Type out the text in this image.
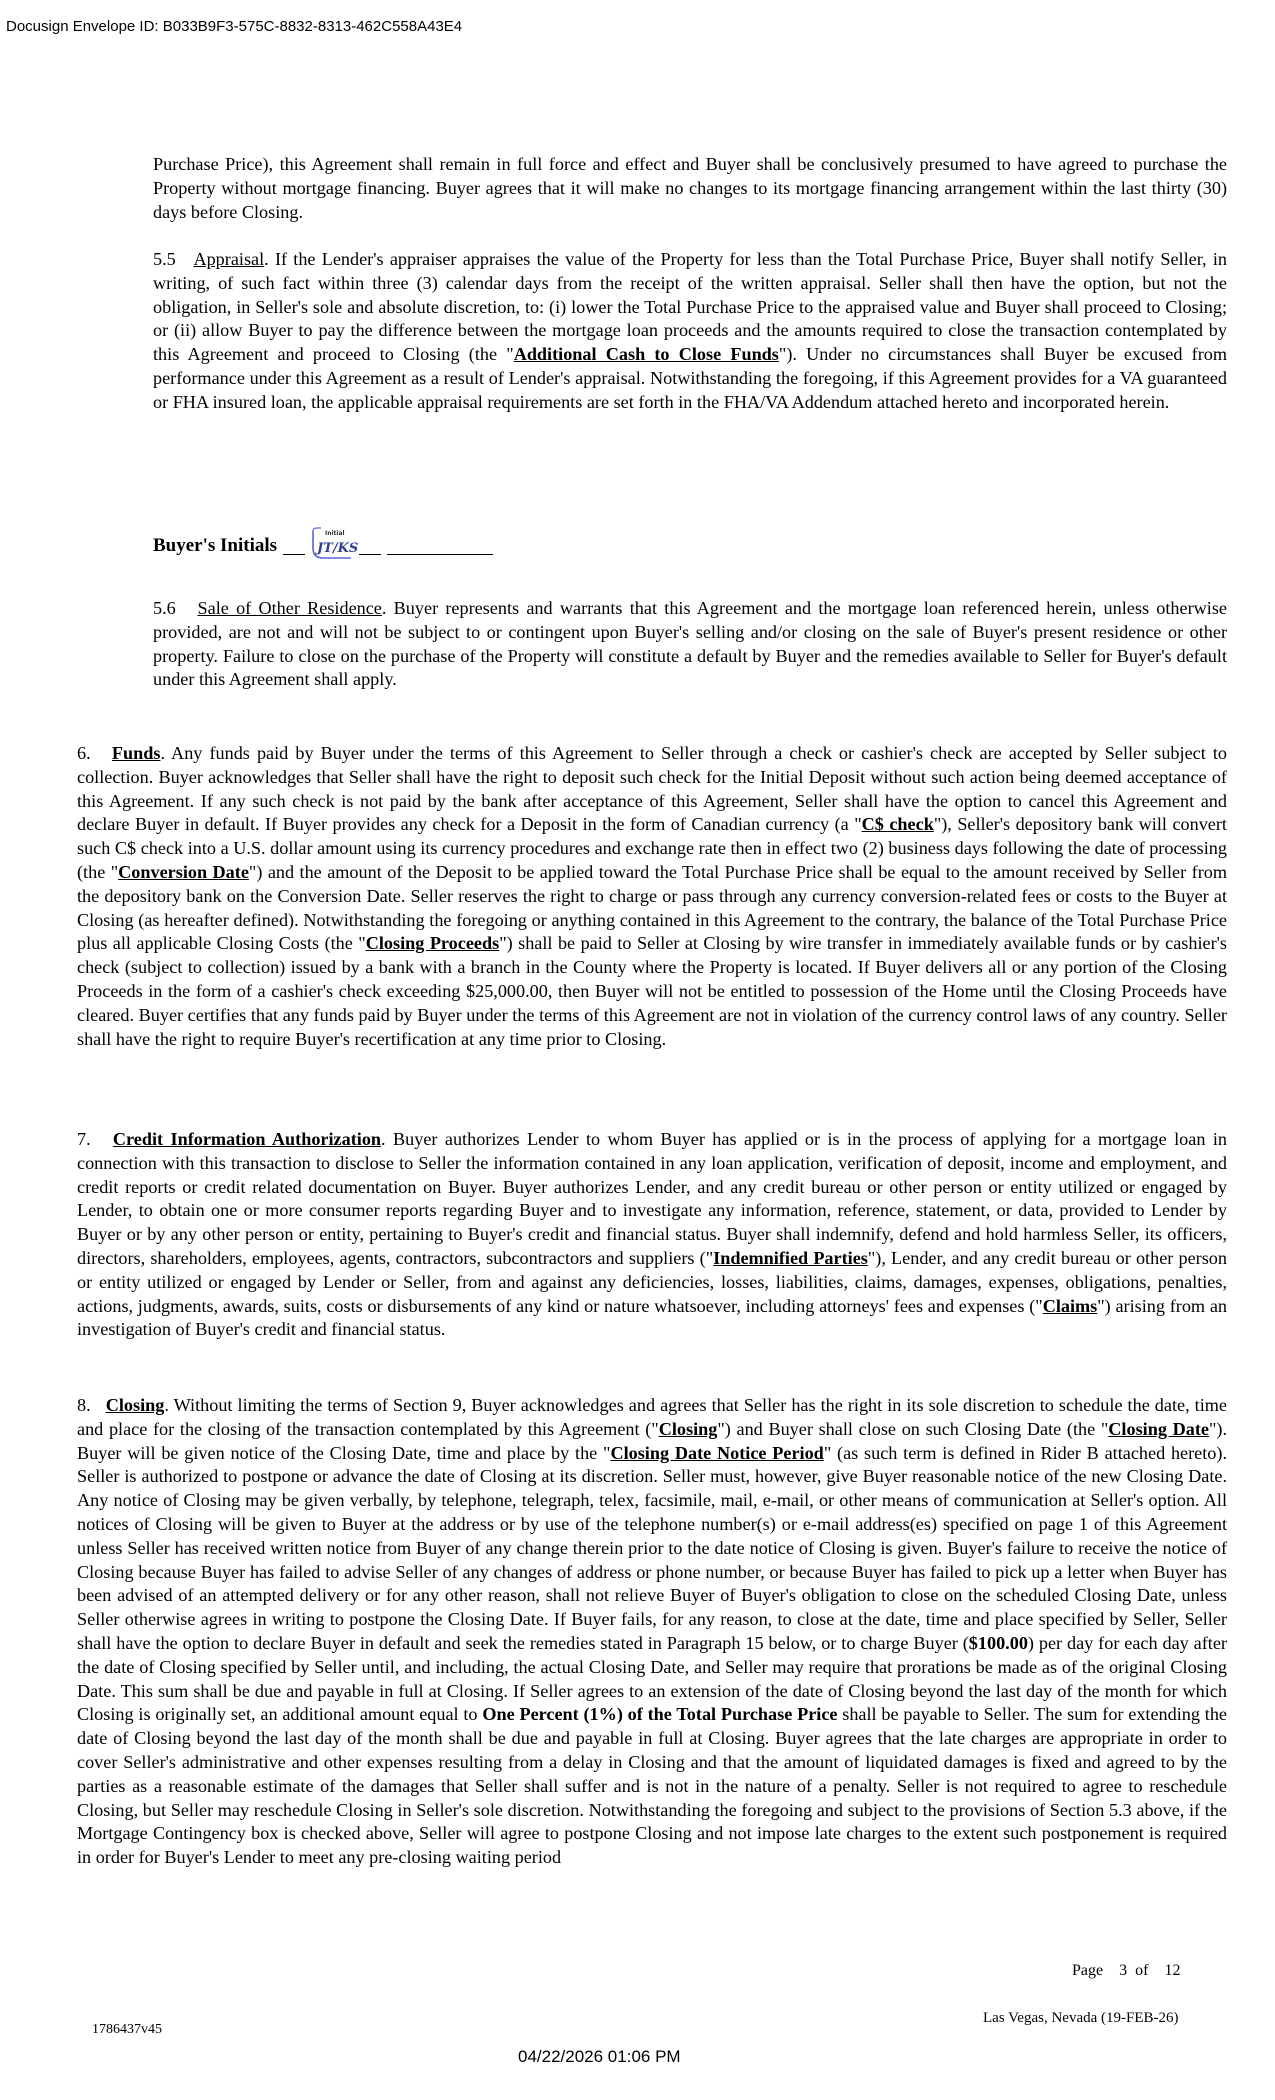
Docusign Envelope ID: B033B9F3-575C-8832-8313-462C558A43E4

Purchase Price), this Agreement shall remain in full force and effect and Buyer shall be conclusively presumed to have agreed to purchase the Property without mortgage financing. Buyer agrees that it will make no changes to its mortgage financing arrangement within the last thirty (30) days before Closing.

5.5 Appraisal. If the Lender's appraiser appraises the value of the Property for less than the Total Purchase Price, Buyer shall notify Seller, in writing, of such fact within three (3) calendar days from the receipt of the written appraisal. Seller shall then have the option, but not the obligation, in Seller's sole and absolute discretion, to: (i) lower the Total Purchase Price to the appraised value and Buyer shall proceed to Closing; or (ii) allow Buyer to pay the difference between the mortgage loan proceeds and the amounts required to close the transaction contemplated by this Agreement and proceed to Closing (the "Additional Cash to Close Funds"). Under no circumstances shall Buyer be excused from performance under this Agreement as a result of Lender's appraisal. Notwithstanding the foregoing, if this Agreement provides for a VA guaranteed or FHA insured loan, the applicable appraisal requirements are set forth in the FHA/VA Addendum attached hereto and incorporated herein.

Buyer's Initials
Initial
JT/KS

5.6 Sale of Other Residence. Buyer represents and warrants that this Agreement and the mortgage loan referenced herein, unless otherwise provided, are not and will not be subject to or contingent upon Buyer's selling and/or closing on the sale of Buyer's present residence or other property. Failure to close on the purchase of the Property will constitute a default by Buyer and the remedies available to Seller for Buyer's default under this Agreement shall apply.

6. Funds. Any funds paid by Buyer under the terms of this Agreement to Seller through a check or cashier's check are accepted by Seller subject to collection. Buyer acknowledges that Seller shall have the right to deposit such check for the Initial Deposit without such action being deemed acceptance of this Agreement. If any such check is not paid by the bank after acceptance of this Agreement, Seller shall have the option to cancel this Agreement and declare Buyer in default. If Buyer provides any check for a Deposit in the form of Canadian currency (a "C$ check"), Seller's depository bank will convert such C$ check into a U.S. dollar amount using its currency procedures and exchange rate then in effect two (2) business days following the date of processing (the "Conversion Date") and the amount of the Deposit to be applied toward the Total Purchase Price shall be equal to the amount received by Seller from the depository bank on the Conversion Date. Seller reserves the right to charge or pass through any currency conversion-related fees or costs to the Buyer at Closing (as hereafter defined). Notwithstanding the foregoing or anything contained in this Agreement to the contrary, the balance of the Total Purchase Price plus all applicable Closing Costs (the "Closing Proceeds") shall be paid to Seller at Closing by wire transfer in immediately available funds or by cashier's check (subject to collection) issued by a bank with a branch in the County where the Property is located. If Buyer delivers all or any portion of the Closing Proceeds in the form of a cashier's check exceeding $25,000.00, then Buyer will not be entitled to possession of the Home until the Closing Proceeds have cleared. Buyer certifies that any funds paid by Buyer under the terms of this Agreement are not in violation of the currency control laws of any country. Seller shall have the right to require Buyer's recertification at any time prior to Closing.

7. Credit Information Authorization. Buyer authorizes Lender to whom Buyer has applied or is in the process of applying for a mortgage loan in connection with this transaction to disclose to Seller the information contained in any loan application, verification of deposit, income and employment, and credit reports or credit related documentation on Buyer. Buyer authorizes Lender, and any credit bureau or other person or entity utilized or engaged by Lender, to obtain one or more consumer reports regarding Buyer and to investigate any information, reference, statement, or data, provided to Lender by Buyer or by any other person or entity, pertaining to Buyer's credit and financial status. Buyer shall indemnify, defend and hold harmless Seller, its officers, directors, shareholders, employees, agents, contractors, subcontractors and suppliers ("Indemnified Parties"), Lender, and any credit bureau or other person or entity utilized or engaged by Lender or Seller, from and against any deficiencies, losses, liabilities, claims, damages, expenses, obligations, penalties, actions, judgments, awards, suits, costs or disbursements of any kind or nature whatsoever, including attorneys' fees and expenses ("Claims") arising from an investigation of Buyer's credit and financial status.

8. Closing. Without limiting the terms of Section 9, Buyer acknowledges and agrees that Seller has the right in its sole discretion to schedule the date, time and place for the closing of the transaction contemplated by this Agreement ("Closing") and Buyer shall close on such Closing Date (the "Closing Date"). Buyer will be given notice of the Closing Date, time and place by the "Closing Date Notice Period" (as such term is defined in Rider B attached hereto). Seller is authorized to postpone or advance the date of Closing at its discretion. Seller must, however, give Buyer reasonable notice of the new Closing Date. Any notice of Closing may be given verbally, by telephone, telegraph, telex, facsimile, mail, e-mail, or other means of communication at Seller's option. All notices of Closing will be given to Buyer at the address or by use of the telephone number(s) or e-mail address(es) specified on page 1 of this Agreement unless Seller has received written notice from Buyer of any change therein prior to the date notice of Closing is given. Buyer's failure to receive the notice of Closing because Buyer has failed to advise Seller of any changes of address or phone number, or because Buyer has failed to pick up a letter when Buyer has been advised of an attempted delivery or for any other reason, shall not relieve Buyer of Buyer's obligation to close on the scheduled Closing Date, unless Seller otherwise agrees in writing to postpone the Closing Date. If Buyer fails, for any reason, to close at the date, time and place specified by Seller, Seller shall have the option to declare Buyer in default and seek the remedies stated in Paragraph 15 below, or to charge Buyer ($100.00) per day for each day after the date of Closing specified by Seller until, and including, the actual Closing Date, and Seller may require that prorations be made as of the original Closing Date. This sum shall be due and payable in full at Closing. If Seller agrees to an extension of the date of Closing beyond the last day of the month for which Closing is originally set, an additional amount equal to One Percent (1%) of the Total Purchase Price shall be payable to Seller. The sum for extending the date of Closing beyond the last day of the month shall be due and payable in full at Closing. Buyer agrees that the late charges are appropriate in order to cover Seller's administrative and other expenses resulting from a delay in Closing and that the amount of liquidated damages is fixed and agreed to by the parties as a reasonable estimate of the damages that Seller shall suffer and is not in the nature of a penalty. Seller is not required to agree to reschedule Closing, but Seller may reschedule Closing in Seller's sole discretion. Notwithstanding the foregoing and subject to the provisions of Section 5.3 above, if the Mortgage Contingency box is checked above, Seller will agree to postpone Closing and not impose late charges to the extent such postponement is required in order for Buyer's Lender to meet any pre-closing waiting period

Page 3 of 12
1786437v45
Las Vegas, Nevada (19-FEB-26)
04/22/2026 01:06 PM
